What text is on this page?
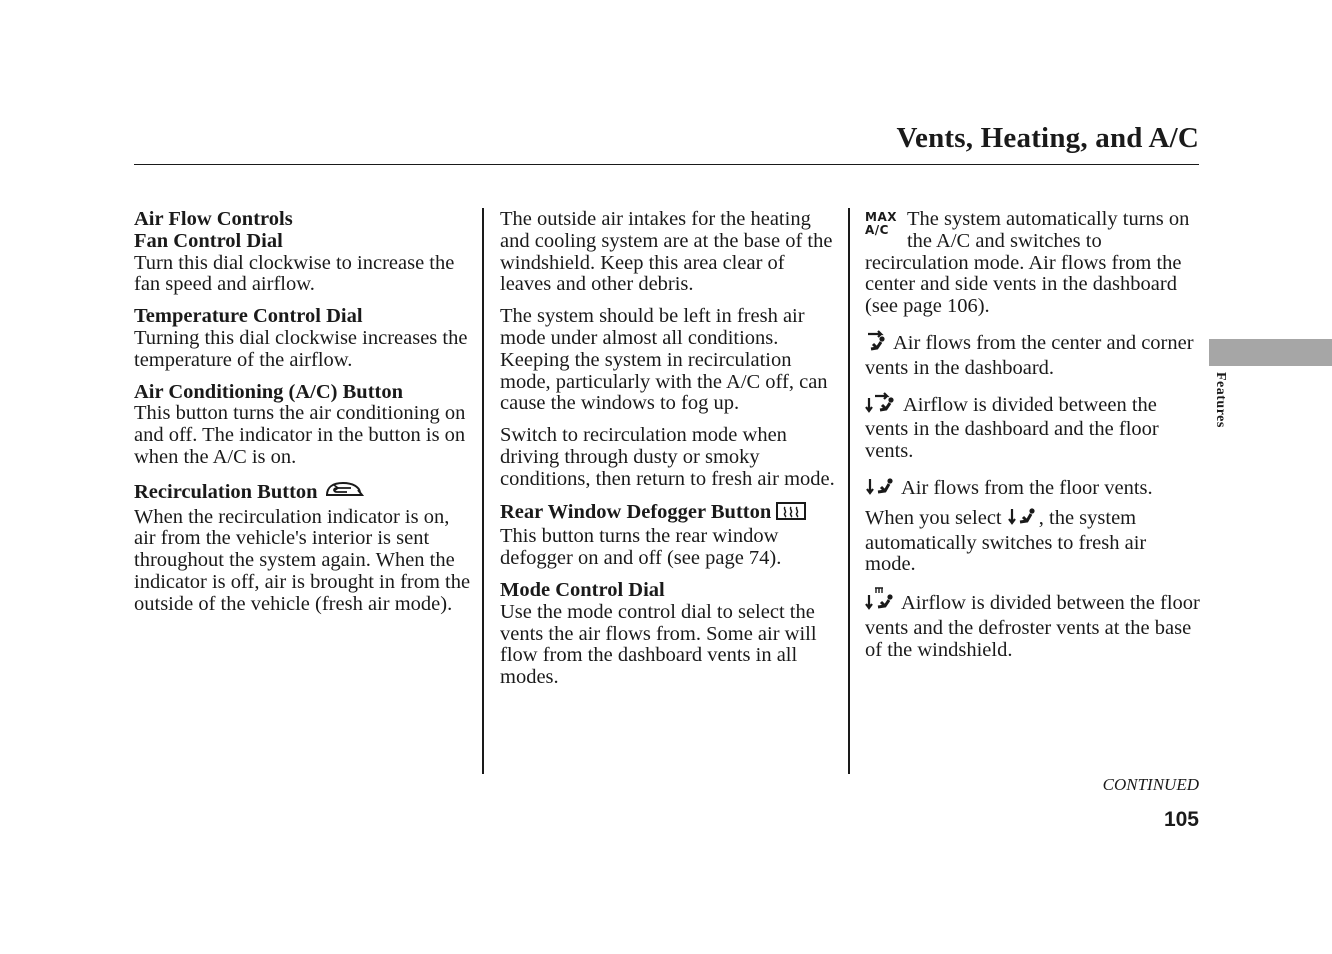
Vents, Heating, and A/C
Air Flow Controls
Fan Control Dial
Turn this dial clockwise to increase the fan speed and airflow.
Temperature Control Dial
Turning this dial clockwise increases the temperature of the airflow.
Air Conditioning (A/C) Button
This button turns the air conditioning on and off. The indicator in the button is on when the A/C is on.
Recirculation Button
When the recirculation indicator is on, air from the vehicle's interior is sent throughout the system again. When the indicator is off, air is brought in from the outside of the vehicle (fresh air mode).
The outside air intakes for the heating and cooling system are at the base of the windshield. Keep this area clear of leaves and other debris.
The system should be left in fresh air mode under almost all conditions. Keeping the system in recirculation mode, particularly with the A/C off, can cause the windows to fog up.
Switch to recirculation mode when driving through dusty or smoky conditions, then return to fresh air mode.
Rear Window Defogger Button
This button turns the rear window defogger on and off (see page 74).
Mode Control Dial
Use the mode control dial to select the vents the air flows from. Some air will flow from the dashboard vents in all modes.
MAX
A/C The system automatically turns on the A/C and switches to recirculation mode. Air flows from the center and side vents in the dashboard (see page 106).
Air flows from the center and corner vents in the dashboard.
Airflow is divided between the vents in the dashboard and the floor vents.
Air flows from the floor vents. When you select , the system automatically switches to fresh air mode.
Airflow is divided between the floor vents and the defroster vents at the base of the windshield.
Features
CONTINUED
105
